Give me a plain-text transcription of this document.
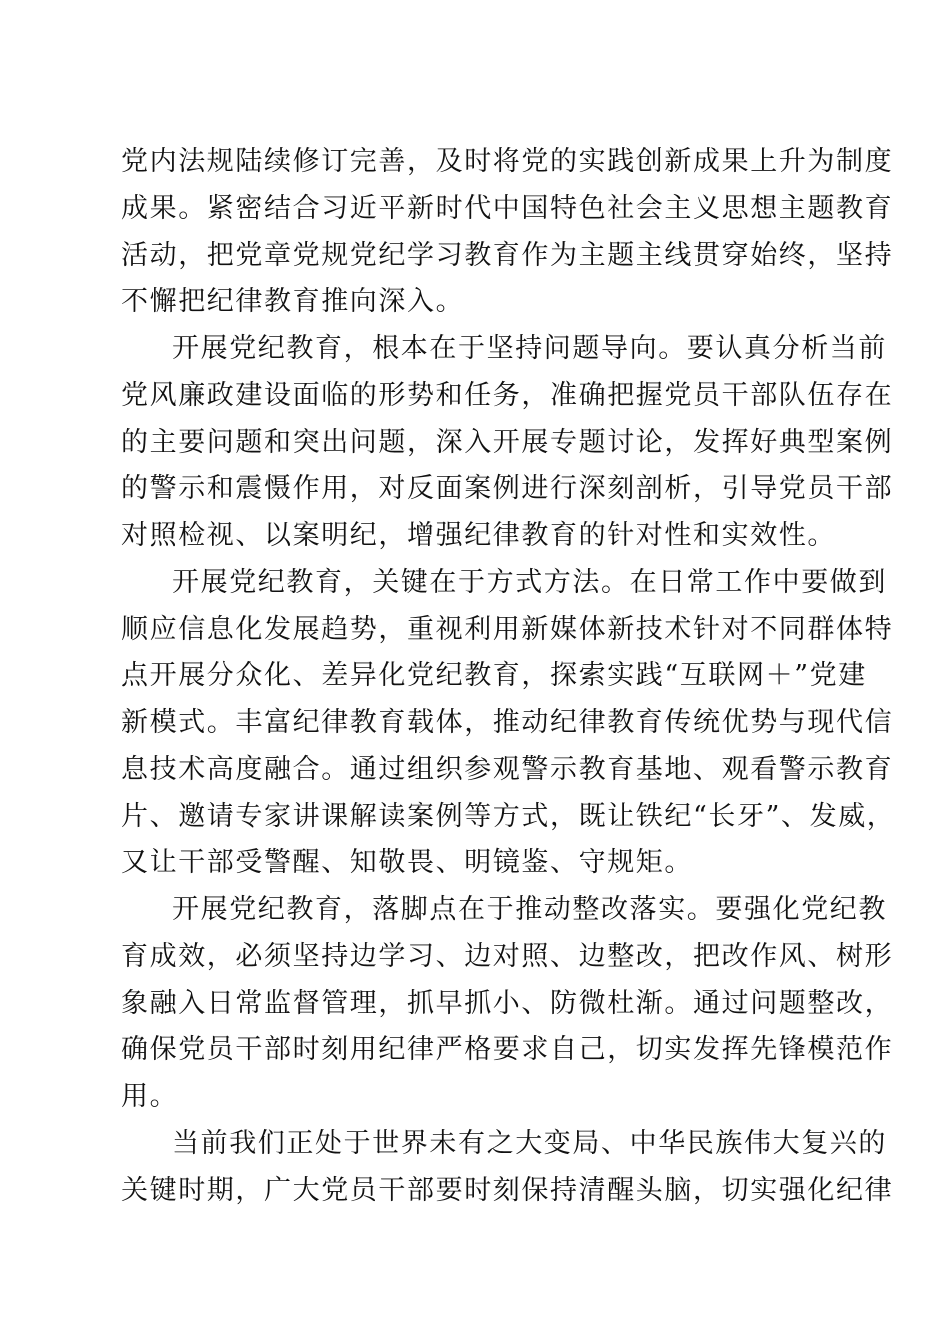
党内法规陆续修订完善，及时将党的实践创新成果上升为制度
成果。紧密结合习近平新时代中国特色社会主义思想主题教育
活动，把党章党规党纪学习教育作为主题主线贯穿始终，坚持
不懈把纪律教育推向深入。
开展党纪教育，根本在于坚持问题导向。要认真分析当前
党风廉政建设面临的形势和任务，准确把握党员干部队伍存在
的主要问题和突出问题，深入开展专题讨论，发挥好典型案例
的警示和震慑作用，对反面案例进行深刻剖析，引导党员干部
对照检视、以案明纪，增强纪律教育的针对性和实效性。
开展党纪教育，关键在于方式方法。在日常工作中要做到
顺应信息化发展趋势，重视利用新媒体新技术针对不同群体特
点开展分众化、差异化党纪教育，探索实践“互联网＋”党建
新模式。丰富纪律教育载体，推动纪律教育传统优势与现代信
息技术高度融合。通过组织参观警示教育基地、观看警示教育
片、邀请专家讲课解读案例等方式，既让铁纪“长牙”、发威，
又让干部受警醒、知敬畏、明镜鉴、守规矩。
开展党纪教育，落脚点在于推动整改落实。要强化党纪教
育成效，必须坚持边学习、边对照、边整改，把改作风、树形
象融入日常监督管理，抓早抓小、防微杜渐。通过问题整改，
确保党员干部时刻用纪律严格要求自己，切实发挥先锋模范作
用。
当前我们正处于世界未有之大变局、中华民族伟大复兴的
关键时期，广大党员干部要时刻保持清醒头脑，切实强化纪律
